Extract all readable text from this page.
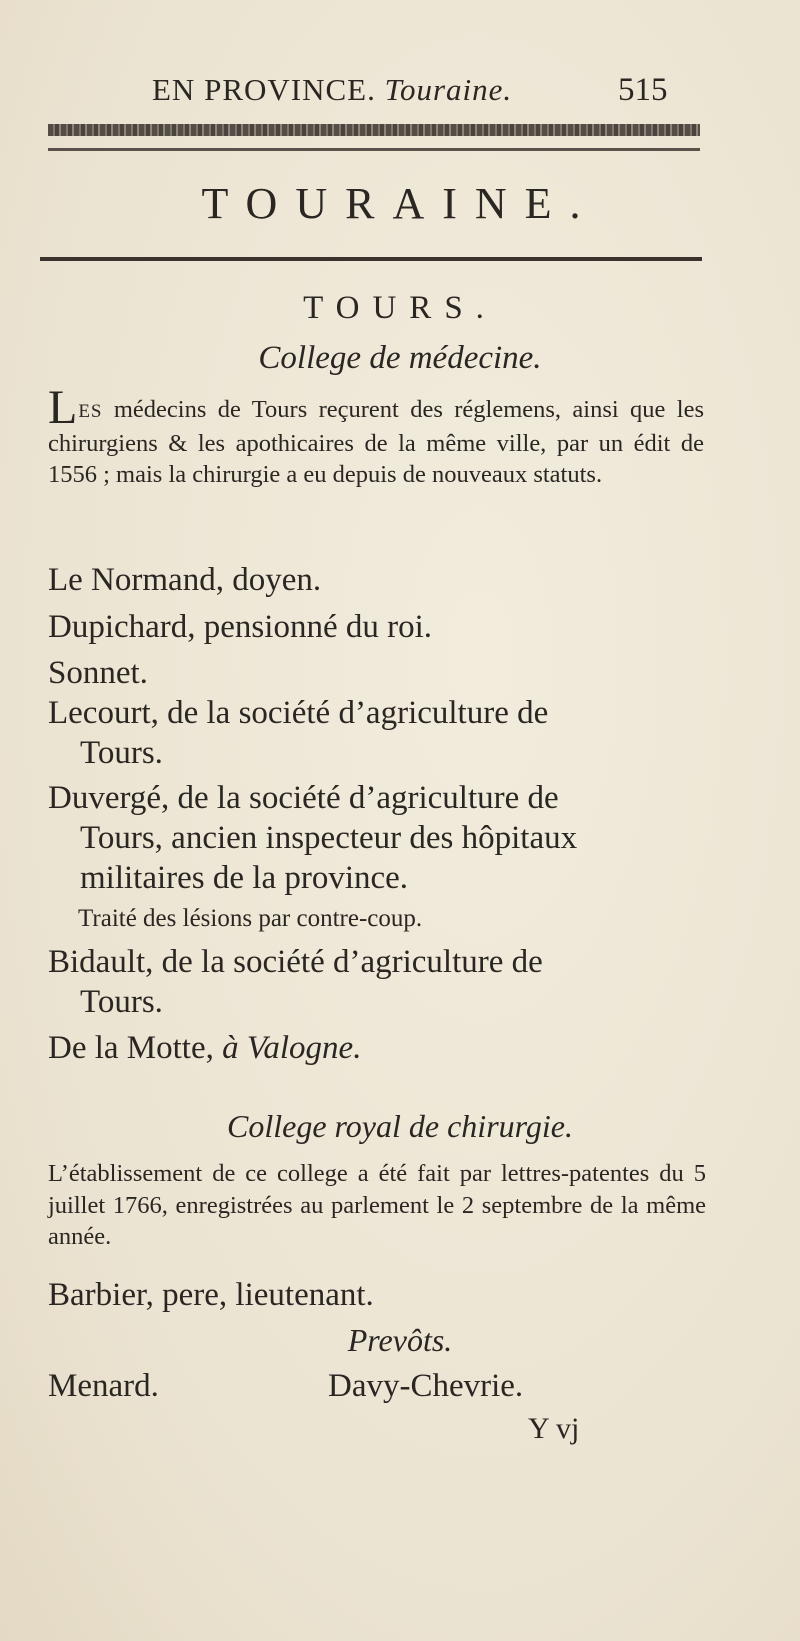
EN PROVINCE. Touraine.	515
TOURAINE.
TOURS.
College de médecine.
LES médecins de Tours reçurent des réglemens, ainsi que les chirurgiens & les apothicaires de la même ville, par un édit de 1556 ; mais la chirurgie a eu depuis de nouveaux statuts.
Le Normand, doyen.
Dupichard, pensionné du roi.
Sonnet.
Lecourt, de la société d’agriculture de
Tours.
Duvergé, de la société d’agriculture de
Tours, ancien inspecteur des hôpitaux militaires de la province.
Traité des lésions par contre-coup.
Bidault, de la société d’agriculture de
Tours.
De la Motte, à Valogne.
College royal de chirurgie.
L’établissement de ce college a été fait par lettres-patentes du 5 juillet 1766, enregistrées au parlement le 2 septembre de la même année.
Barbier, pere, lieutenant.
Prevôts.
Menard.	Davy-Chevrie.
Y vj
